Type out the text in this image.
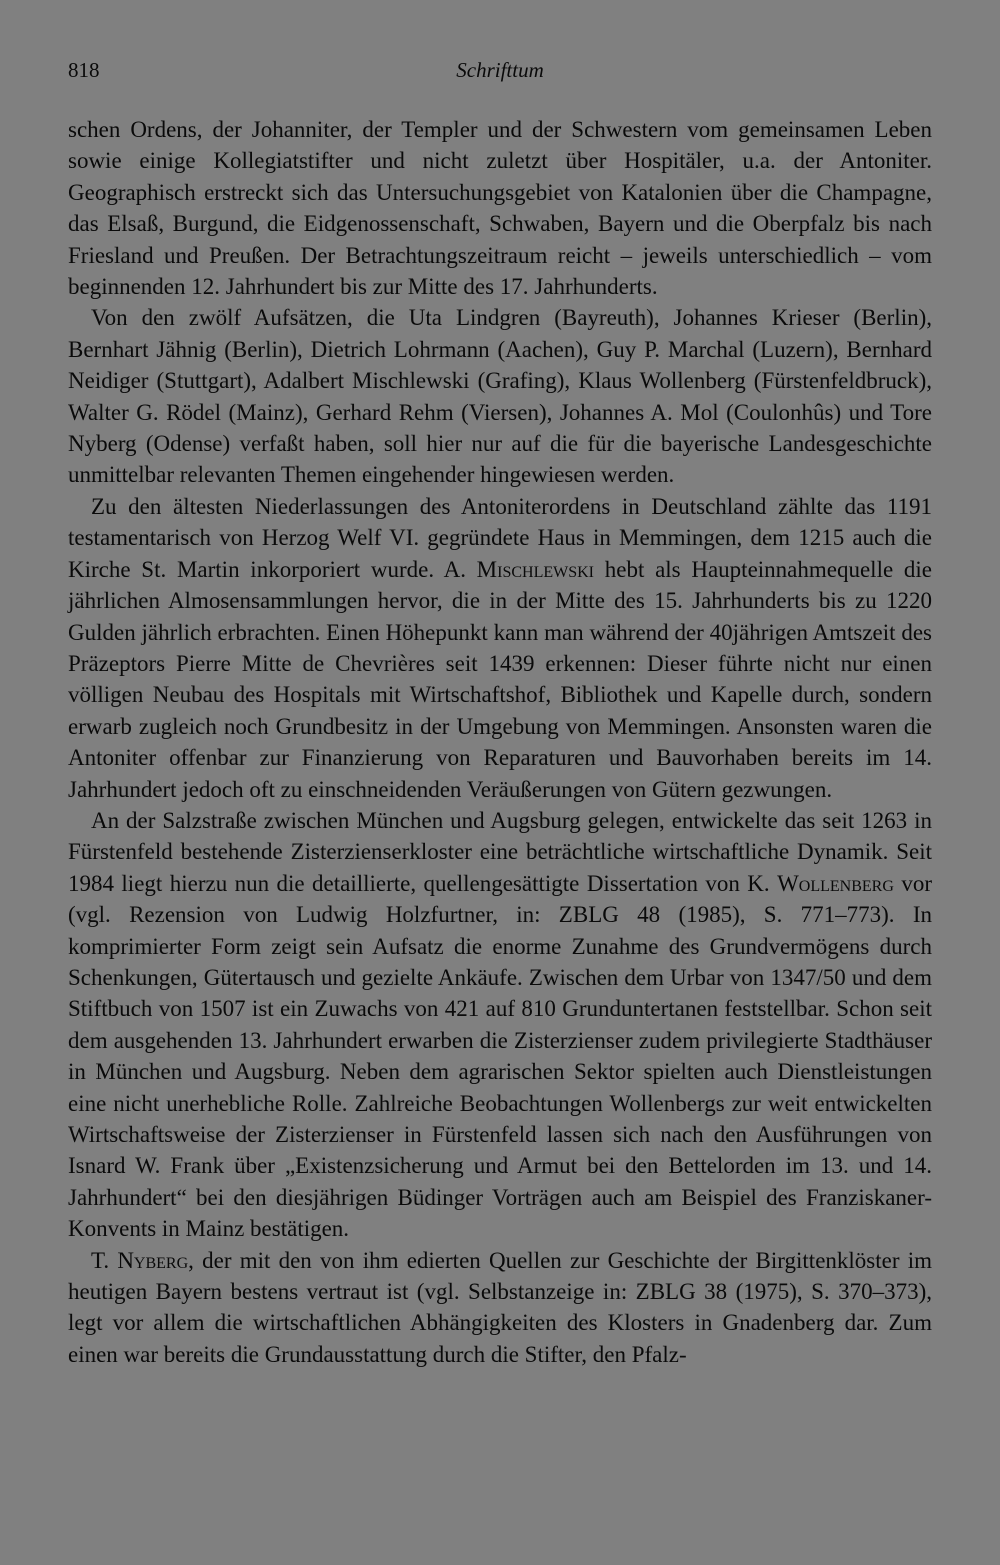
818	Schrifttum

schen Ordens, der Johanniter, der Templer und der Schwestern vom gemeinsamen Leben sowie einige Kollegiatstifter und nicht zuletzt über Hospitäler, u.a. der Antoniter. Geographisch erstreckt sich das Untersuchungsgebiet von Katalonien über die Champagne, das Elsaß, Burgund, die Eidgenossenschaft, Schwaben, Bayern und die Oberpfalz bis nach Friesland und Preußen. Der Betrachtungszeitraum reicht – jeweils unterschiedlich – vom beginnenden 12. Jahrhundert bis zur Mitte des 17. Jahrhunderts.

Von den zwölf Aufsätzen, die Uta Lindgren (Bayreuth), Johannes Krieser (Berlin), Bernhart Jähnig (Berlin), Dietrich Lohrmann (Aachen), Guy P. Marchal (Luzern), Bernhard Neidiger (Stuttgart), Adalbert Mischlewski (Grafing), Klaus Wollenberg (Fürstenfeldbruck), Walter G. Rödel (Mainz), Gerhard Rehm (Viersen), Johannes A. Mol (Coulonhûs) und Tore Nyberg (Odense) verfaßt haben, soll hier nur auf die für die bayerische Landesgeschichte unmittelbar relevanten Themen eingehender hingewiesen werden.

Zu den ältesten Niederlassungen des Antoniterordens in Deutschland zählte das 1191 testamentarisch von Herzog Welf VI. gegründete Haus in Memmingen, dem 1215 auch die Kirche St. Martin inkorporiert wurde. A. Mischlewski hebt als Haupteinnahmequelle die jährlichen Almosensammlungen hervor, die in der Mitte des 15. Jahrhunderts bis zu 1220 Gulden jährlich erbrachten. Einen Höhepunkt kann man während der 40jährigen Amtszeit des Präzeptors Pierre Mitte de Chevrières seit 1439 erkennen: Dieser führte nicht nur einen völligen Neubau des Hospitals mit Wirtschaftshof, Bibliothek und Kapelle durch, sondern erwarb zugleich noch Grundbesitz in der Umgebung von Memmingen. Ansonsten waren die Antoniter offenbar zur Finanzierung von Reparaturen und Bauvorhaben bereits im 14. Jahrhundert jedoch oft zu einschneidenden Veräußerungen von Gütern gezwungen.

An der Salzstraße zwischen München und Augsburg gelegen, entwickelte das seit 1263 in Fürstenfeld bestehende Zisterzienserkloster eine beträchtliche wirtschaftliche Dynamik. Seit 1984 liegt hierzu nun die detaillierte, quellengesättigte Dissertation von K. Wollenberg vor (vgl. Rezension von Ludwig Holzfurtner, in: ZBLG 48 (1985), S. 771–773). In komprimierter Form zeigt sein Aufsatz die enorme Zunahme des Grundvermögens durch Schenkungen, Gütertausch und gezielte Ankäufe. Zwischen dem Urbar von 1347/50 und dem Stiftbuch von 1507 ist ein Zuwachs von 421 auf 810 Grunduntertanen feststellbar. Schon seit dem ausgehenden 13. Jahrhundert erwarben die Zisterzienser zudem privilegierte Stadthäuser in München und Augsburg. Neben dem agrarischen Sektor spielten auch Dienstleistungen eine nicht unerhebliche Rolle. Zahlreiche Beobachtungen Wollenbergs zur weit entwickelten Wirtschaftsweise der Zisterzienser in Fürstenfeld lassen sich nach den Ausführungen von Isnard W. Frank über „Existenzsicherung und Armut bei den Bettelorden im 13. und 14. Jahrhundert“ bei den diesjährigen Büdinger Vorträgen auch am Beispiel des Franziskaner-Konvents in Mainz bestätigen.

T. Nyberg, der mit den von ihm edierten Quellen zur Geschichte der Birgittenklöster im heutigen Bayern bestens vertraut ist (vgl. Selbstanzeige in: ZBLG 38 (1975), S. 370–373), legt vor allem die wirtschaftlichen Abhängigkeiten des Klosters in Gnadenberg dar. Zum einen war bereits die Grundausstattung durch die Stifter, den Pfalz-
